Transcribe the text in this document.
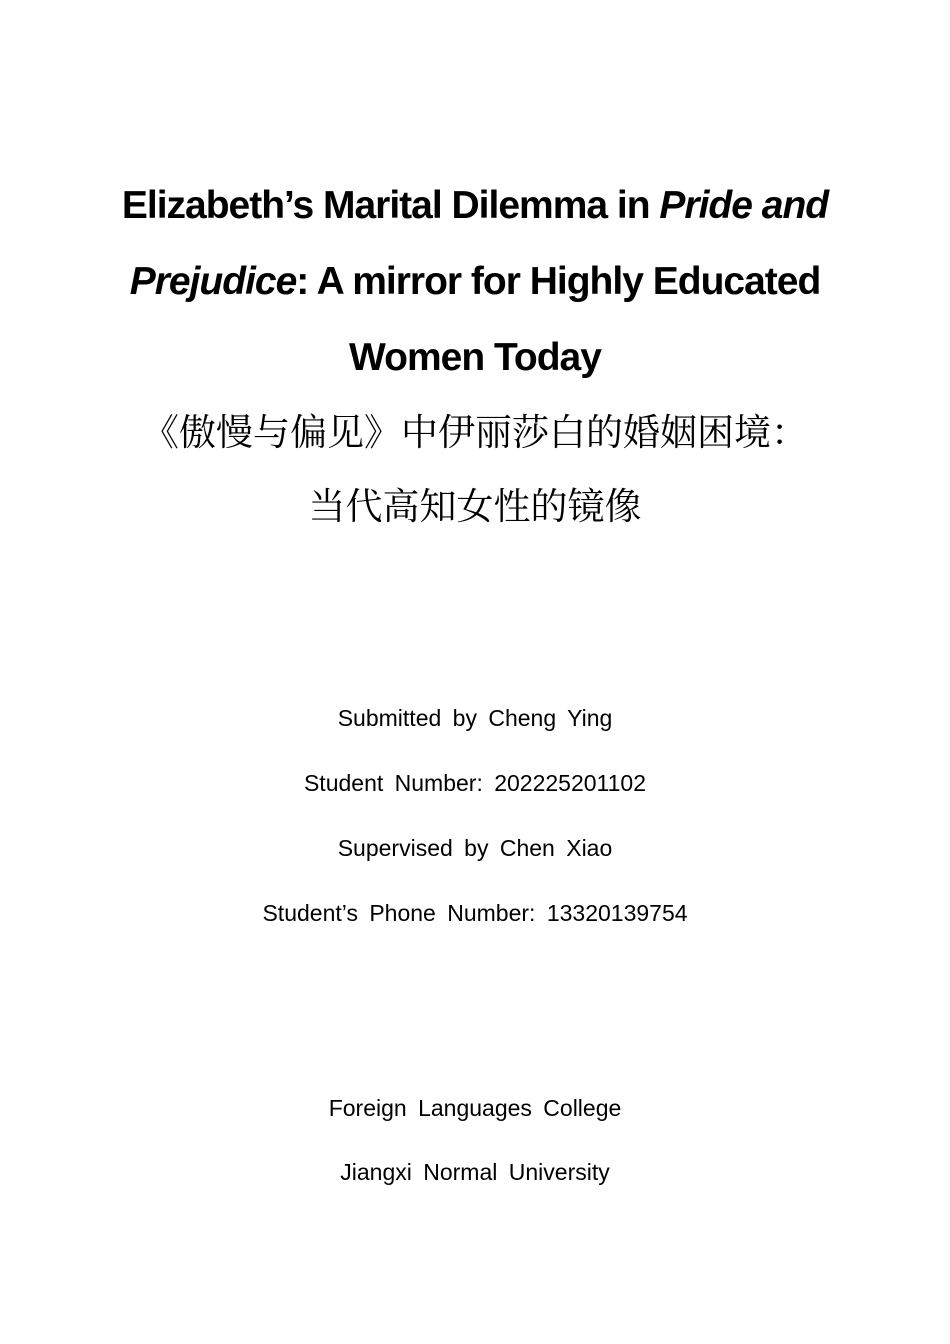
Elizabeth’s Marital Dilemma in Pride and Prejudice: A mirror for Highly Educated Women Today
《傲慢与偏见》中伊丽莎白的婚姻困境：
当代高知女性的镜像
Submitted by Cheng Ying
Student Number: 202225201102
Supervised by Chen Xiao
Student’s Phone Number: 13320139754
Foreign Languages College
Jiangxi Normal University
